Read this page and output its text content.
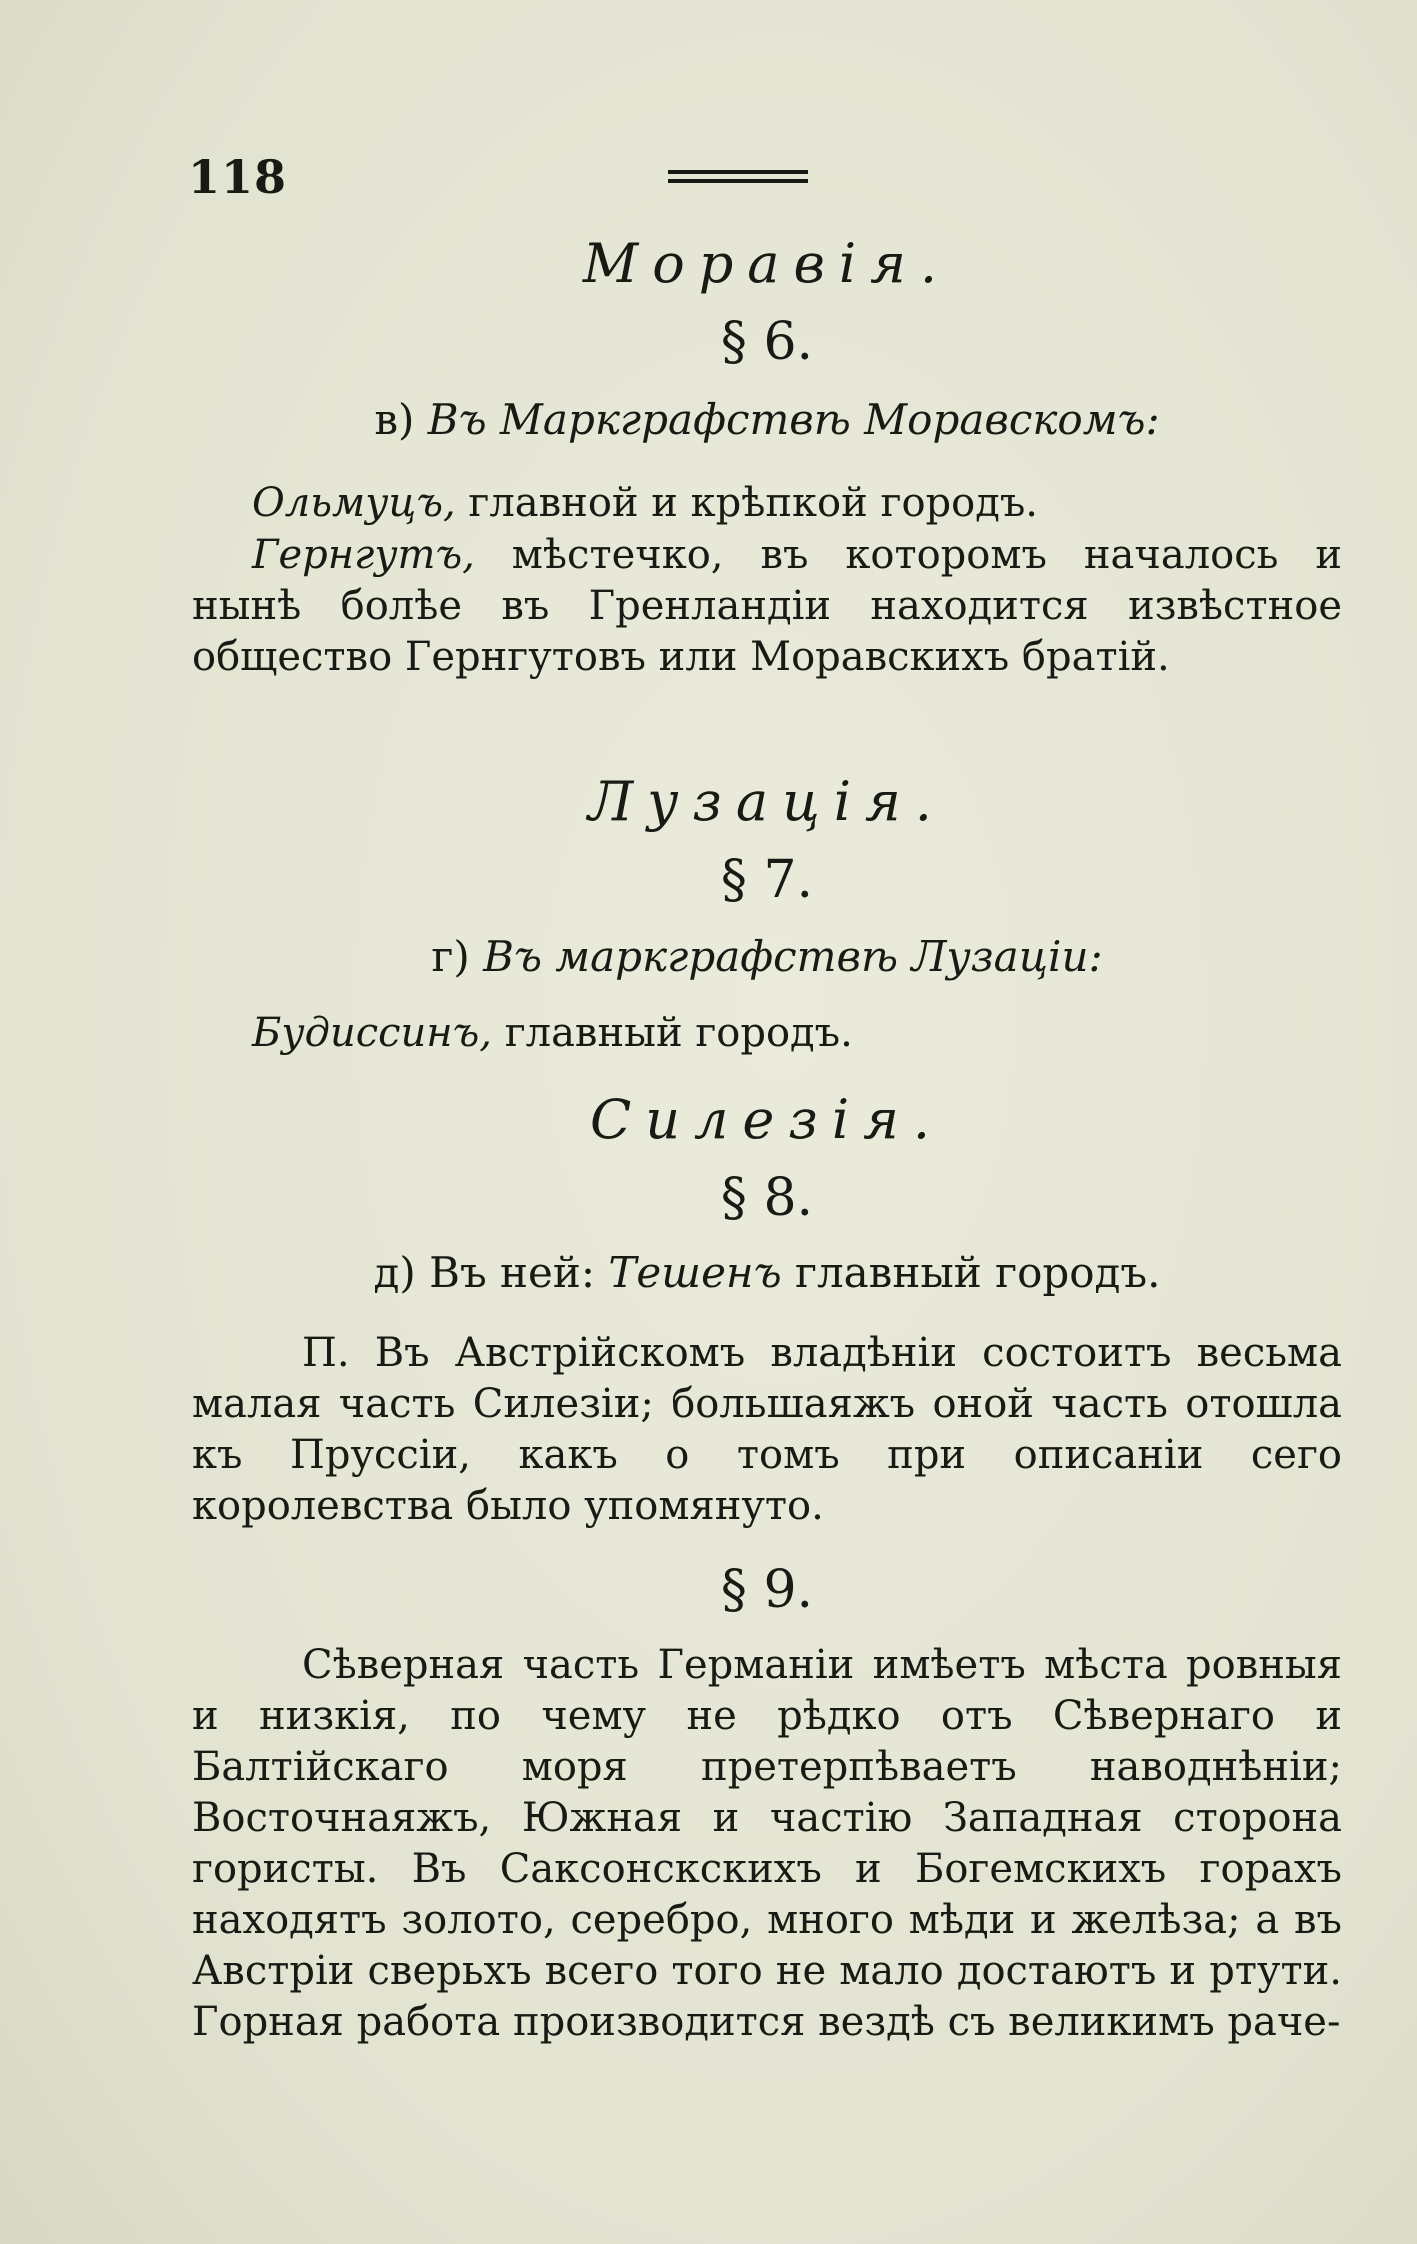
118
Моравія.
§ 6.
в) Въ Маркграфствѣ Моравскомъ:
Ольмуцъ, главной и крѣпкой городъ.
Гернгутъ, мѣстечко, въ которомъ началось и нынѣ болѣе въ Гренландіи находится извѣстное общество Гернгутовъ или Моравскихъ братій.
Лузація.
§ 7.
г) Въ маркграфствѣ Лузаціи:
Будиссинъ, главный городъ.
Силезія.
§ 8.
д) Въ ней: Тешенъ главный городъ.
П. Въ Австрійскомъ владѣніи состоитъ весьма малая часть Силезіи; большаяжъ оной часть отошла къ Пруссіи, какъ о томъ при описаніи сего королевства было упомянуто.
§ 9.
Сѣверная часть Германіи имѣетъ мѣста ровныя и низкія, по чему не рѣдко отъ Сѣвернаго и Балтійскаго моря претерпѣваетъ наводнѣніи; Восточнаяжъ, Южная и частію Западная сторона гористы. Въ Саксонскскихъ и Богемскихъ горахъ находятъ золото, серебро, много мѣди и желѣза; а въ Австріи сверьхъ всего того не мало достаютъ и ртути. Горная работа производится вездѣ съ великимъ раче-
